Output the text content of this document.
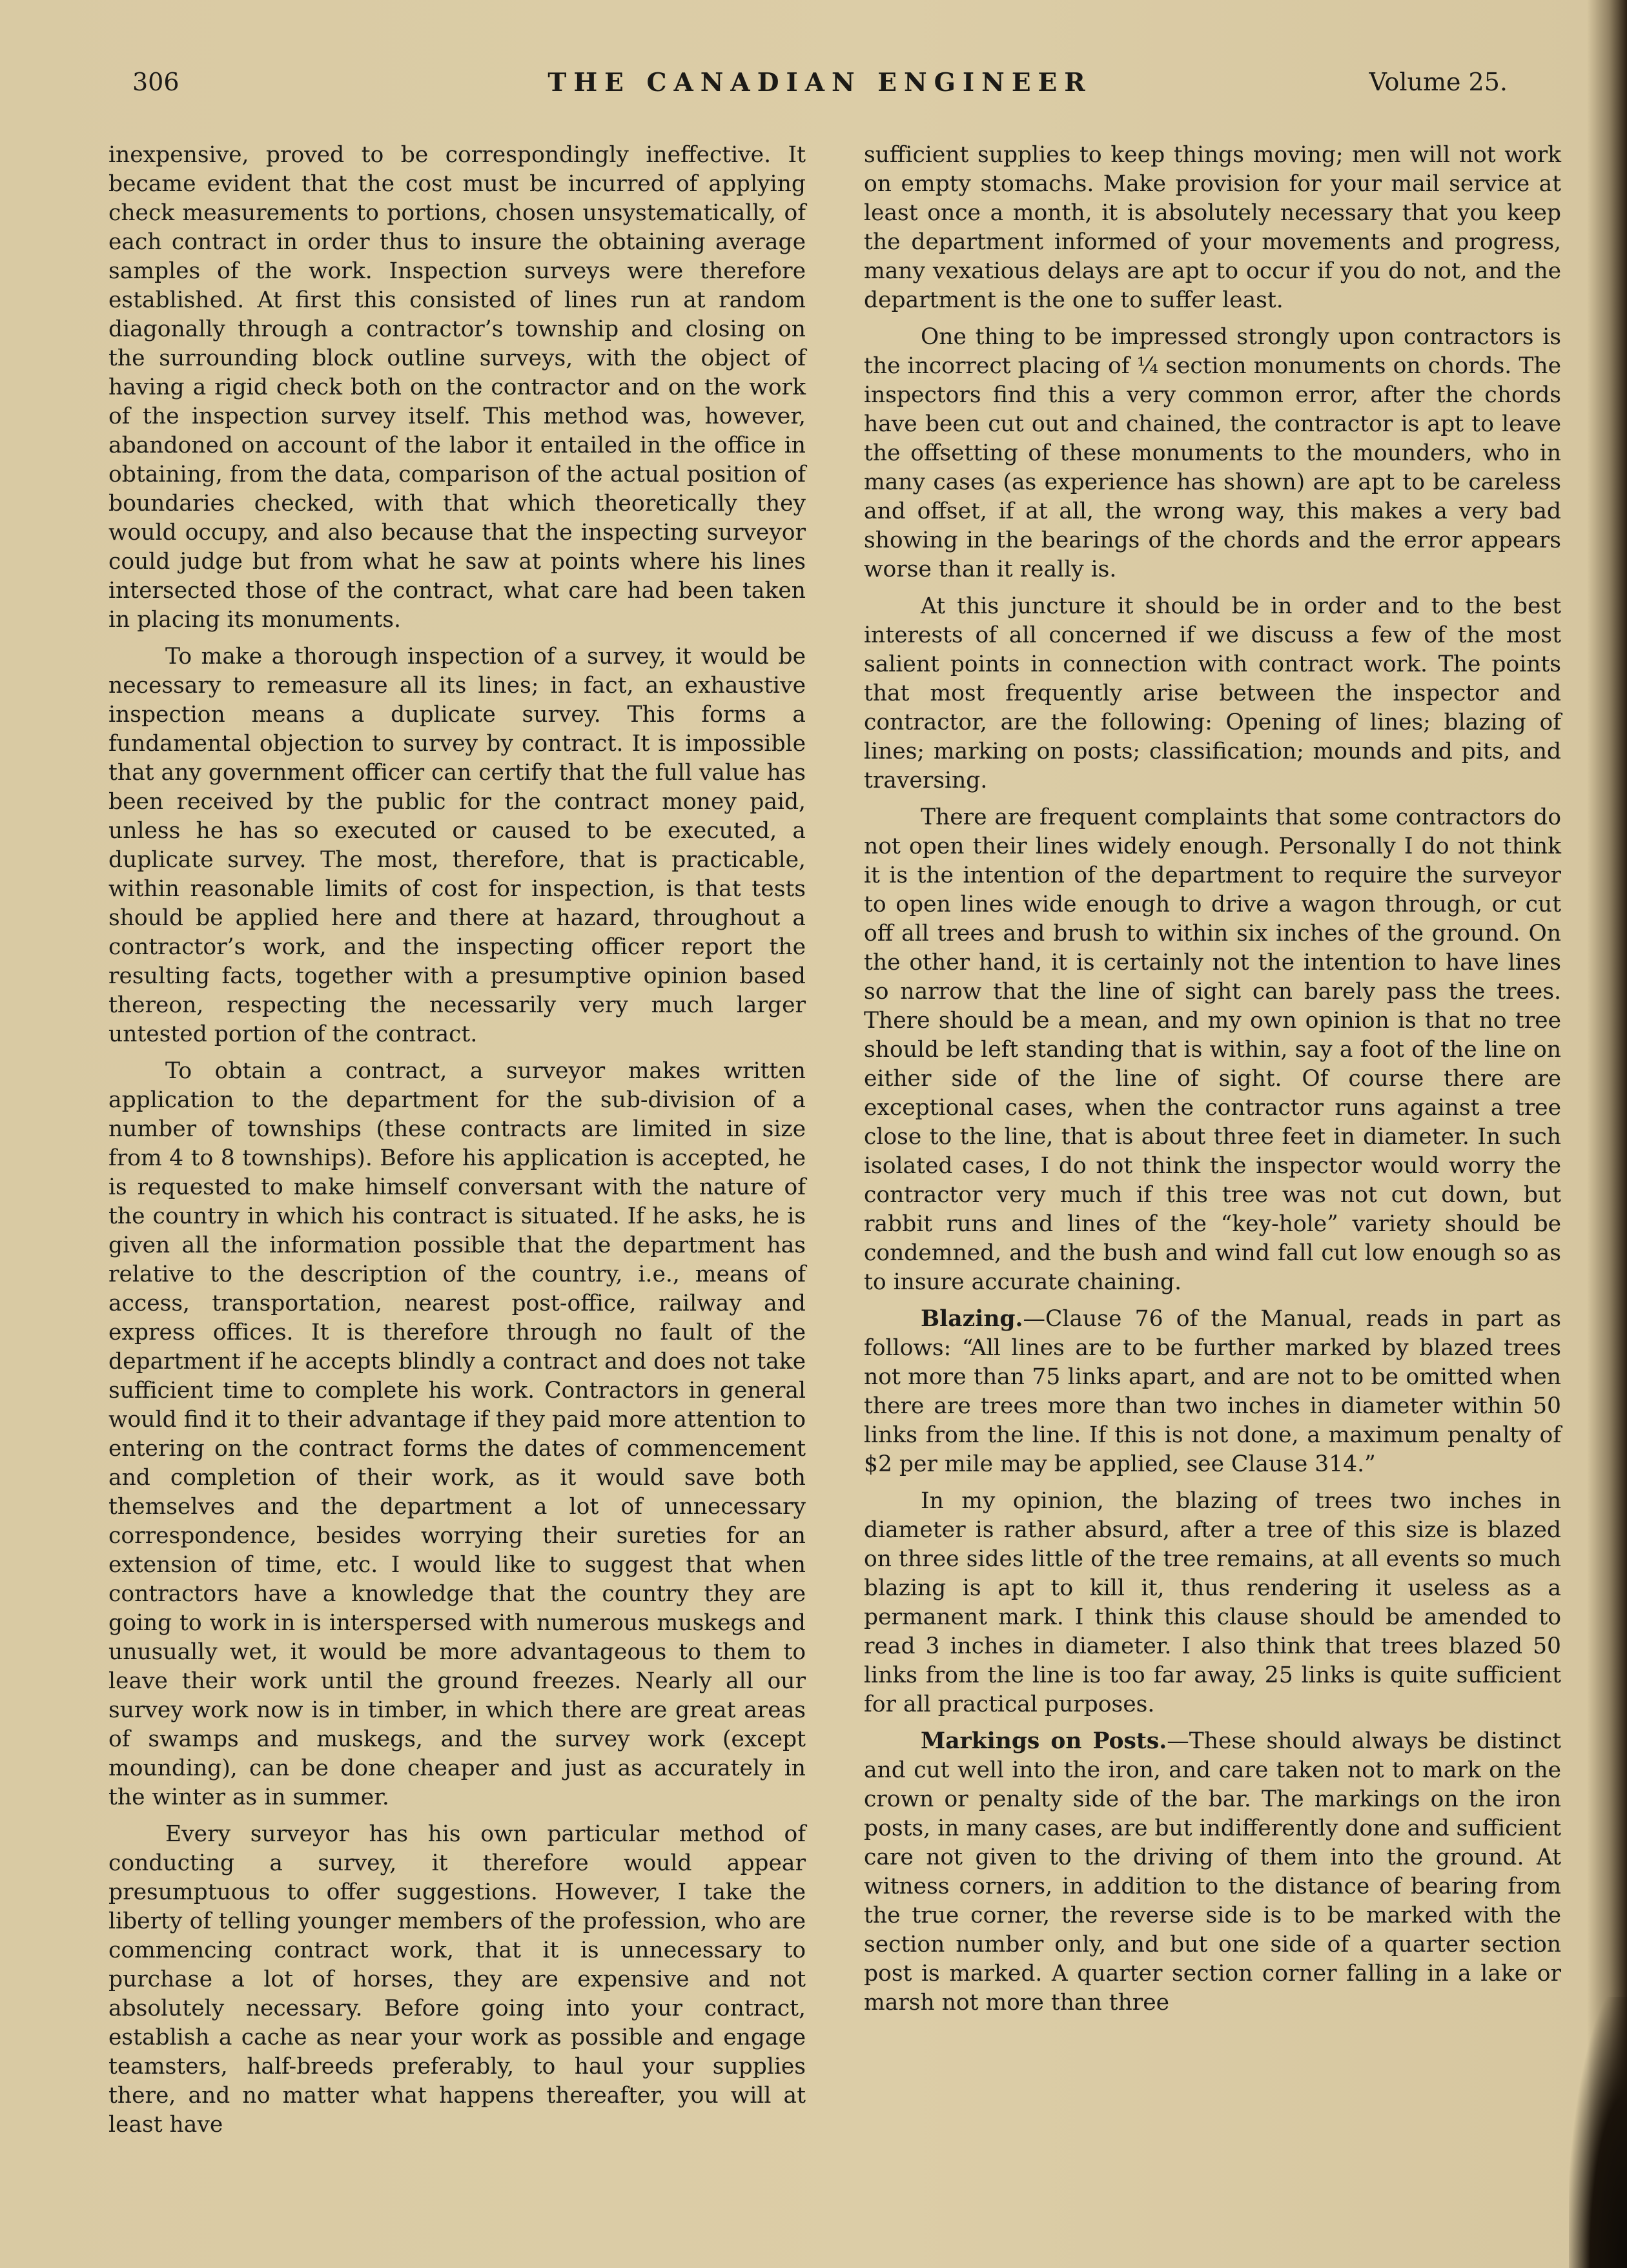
THE CANADIAN ENGINEER
306	Volume 25.

inexpensive, proved to be correspondingly ineffective. It became evident that the cost must be incurred of applying check measurements to portions, chosen unsystematically, of each contract in order thus to insure the obtaining average samples of the work. Inspection surveys were therefore established. At first this consisted of lines run at random diagonally through a contractor’s township and closing on the surrounding block outline surveys, with the object of having a rigid check both on the contractor and on the work of the inspection survey itself. This method was, however, abandoned on account of the labor it entailed in the office in obtaining, from the data, comparison of the actual position of boundaries checked, with that which theoretically they would occupy, and also because that the inspecting surveyor could judge but from what he saw at points where his lines intersected those of the contract, what care had been taken in placing its monuments.

To make a thorough inspection of a survey, it would be necessary to remeasure all its lines; in fact, an exhaustive inspection means a duplicate survey. This forms a fundamental objection to survey by contract. It is impossible that any government officer can certify that the full value has been received by the public for the contract money paid, unless he has so executed or caused to be executed, a duplicate survey. The most, therefore, that is practicable, within reasonable limits of cost for inspection, is that tests should be applied here and there at hazard, throughout a contractor’s work, and the inspecting officer report the resulting facts, together with a presumptive opinion based thereon, respecting the necessarily very much larger untested portion of the contract.

To obtain a contract, a surveyor makes written application to the department for the sub-division of a number of townships (these contracts are limited in size from 4 to 8 townships). Before his application is accepted, he is requested to make himself conversant with the nature of the country in which his contract is situated. If he asks, he is given all the information possible that the department has relative to the description of the country, i.e., means of access, transportation, nearest post-office, railway and express offices. It is therefore through no fault of the department if he accepts blindly a contract and does not take sufficient time to complete his work. Contractors in general would find it to their advantage if they paid more attention to entering on the contract forms the dates of commencement and completion of their work, as it would save both themselves and the department a lot of unnecessary correspondence, besides worrying their sureties for an extension of time, etc. I would like to suggest that when contractors have a knowledge that the country they are going to work in is interspersed with numerous muskegs and unusually wet, it would be more advantageous to them to leave their work until the ground freezes. Nearly all our survey work now is in timber, in which there are great areas of swamps and muskegs, and the survey work (except mounding), can be done cheaper and just as accurately in the winter as in summer.

Every surveyor has his own particular method of conducting a survey, it therefore would appear presumptuous to offer suggestions. However, I take the liberty of telling younger members of the profession, who are commencing contract work, that it is unnecessary to purchase a lot of horses, they are expensive and not absolutely necessary. Before going into your contract, establish a cache as near your work as possible and engage teamsters, half-breeds preferably, to haul your supplies there, and no matter what happens thereafter, you will at least have

sufficient supplies to keep things moving; men will not work on empty stomachs. Make provision for your mail service at least once a month, it is absolutely necessary that you keep the department informed of your movements and progress, many vexatious delays are apt to occur if you do not, and the department is the one to suffer least.

One thing to be impressed strongly upon contractors is the incorrect placing of ¼ section monuments on chords. The inspectors find this a very common error, after the chords have been cut out and chained, the contractor is apt to leave the offsetting of these monuments to the mounders, who in many cases (as experience has shown) are apt to be careless and offset, if at all, the wrong way, this makes a very bad showing in the bearings of the chords and the error appears worse than it really is.

At this juncture it should be in order and to the best interests of all concerned if we discuss a few of the most salient points in connection with contract work. The points that most frequently arise between the inspector and contractor, are the following: Opening of lines; blazing of lines; marking on posts; classification; mounds and pits, and traversing.

There are frequent complaints that some contractors do not open their lines widely enough. Personally I do not think it is the intention of the department to require the surveyor to open lines wide enough to drive a wagon through, or cut off all trees and brush to within six inches of the ground. On the other hand, it is certainly not the intention to have lines so narrow that the line of sight can barely pass the trees. There should be a mean, and my own opinion is that no tree should be left standing that is within, say a foot of the line on either side of the line of sight. Of course there are exceptional cases, when the contractor runs against a tree close to the line, that is about three feet in diameter. In such isolated cases, I do not think the inspector would worry the contractor very much if this tree was not cut down, but rabbit runs and lines of the “key-hole” variety should be condemned, and the bush and wind fall cut low enough so as to insure accurate chaining.

Blazing.—Clause 76 of the Manual, reads in part as follows: “All lines are to be further marked by blazed trees not more than 75 links apart, and are not to be omitted when there are trees more than two inches in diameter within 50 links from the line. If this is not done, a maximum penalty of $2 per mile may be applied, see Clause 314.”

In my opinion, the blazing of trees two inches in diameter is rather absurd, after a tree of this size is blazed on three sides little of the tree remains, at all events so much blazing is apt to kill it, thus rendering it useless as a permanent mark. I think this clause should be amended to read 3 inches in diameter. I also think that trees blazed 50 links from the line is too far away, 25 links is quite sufficient for all practical purposes.

Markings on Posts.—These should always be distinct and cut well into the iron, and care taken not to mark on the crown or penalty side of the bar. The markings on the iron posts, in many cases, are but indifferently done and sufficient care not given to the driving of them into the ground. At witness corners, in addition to the distance of bearing from the true corner, the reverse side is to be marked with the section number only, and but one side of a quarter section post is marked. A quarter section corner falling in a lake or marsh not more than three
